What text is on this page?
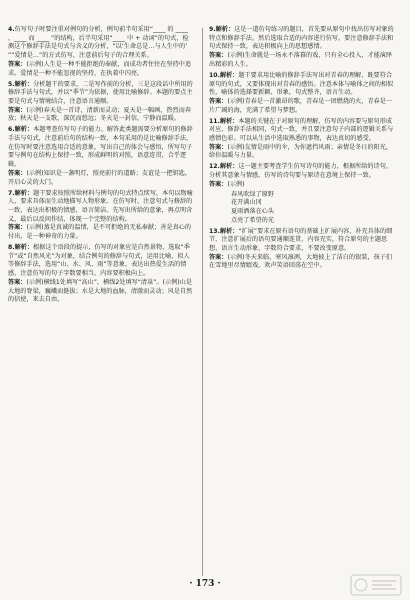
4.仿写句子时要注重对例句的分析，例句前半句采用“____ 的 ____ ，____ 而 ____ ”的结构，后半句采用“____ 中 + 动词”的句式，检测这个修辞手法是句式与含义的分析，“以‘生命总是…与人生中的’ ”“爱情是…”的方式仿写，注意前后句子的合理关系。
答案：(示例)人生是一种不能拒绝的奉献，而成功者往往在坚持中追求。爱情是一种不能忽视的坚持，在执着中闪亮。
5.解析：分析题干的要求，二是写作前的分析，三是这段话中所用的修辞手法与句式，并以“季节”为依据，使用比喻修辞。本题的要点主要是句式与情境结合，注意语言通顺。
答案：(示例)春天是一首诗，清新而灵动；夏天是一幅画，热烈而奔放；秋天是一支歌，深沉而悠远；冬天是一封信，宁静而温暖。
6.解析：本题考查仿写句子的能力。解答此类题需要分析原句的修辞手法与句式，注意前后句的结构一致，本句采用的是比喻修辞手法，在仿写时要注意选用合适的意象，写出自己的体会与感悟，所写句子要与例句在结构上保持一致，形成鲜明的对照，语意连贯，合乎逻辑。
答案：(示例)知识是一盏明灯，照亮前行的道路；友谊是一把钥匙，开启心灵的大门。
7.解析：题干要求按照所给材料与例句的句式特点续写，本句以物喻人，要求具体而生动地描写人物形象。在仿写时，注意句式与修辞的一致，表达出积极的情感，语言简洁。先写出所给的意象，再点明含义，最后以反问作结，体现一个完整的结构。
答案：(示例)蒸是真诚的温情，是不可拒绝的无私奉献；善是真心的付出，是一种神奇的力量。
8.解析：根据这个语段的提示，仿写的对象应是自然景物，选取“季节”或“自然风光”为对象，结合例句的修辞与句式，运用比喻、拟人等修辞手法，选用“山、水、风、雨”等意象，表达出热爱生活的情感，注意仿写的句子字数要相当，内容要积极向上。
答案：(示例)横线1处填写“高山”，横线2处填写“清泉”。(示例)山是大地的脊梁，巍峨而挺拔；水是大地的血脉，清澈而灵动；风是自然的信使，来去自由。
9.解析：这是一道仿句练习的题目，首先要从原句中找出仿写对象的特点和修辞手法，然后选取合适的内容进行仿写。要注意修辞手法和句式保持一致，表达积极向上的思想感情。
答案：(示例)生命就是一场永不落幕的戏，只有全心投入，才能演绎出精彩的人生。
10.解析：题干要求用比喻的修辞手法写出对青春的理解，既要符合原句的句式，又要体现出对青春的感悟。注意本体与喻体之间的相似性，喻体的选择要新颖、形象，句式整齐，语言生动。
答案：(示例)青春是一首激昂的歌，青春是一团燃烧的火，青春是一片广阔的海，充满了希望与梦想。
11.解析：本题的关键在于对原句的理解，仿写的内容要与原句形成对应，修辞手法相同，句式一致，并且要注意句子内部的逻辑关系与感情色彩。可以从生活中选取熟悉的事物，表达真切的感受。
答案：(示例)友情是雨中的伞，为你遮挡风雨；亲情是冬日的阳光，给你温暖与力量。
12.解析：这一题主要考查学生仿写诗句的能力，根据所给的诗句，分析其意象与情感，仿写的诗句要与原诗在意境上保持一致。
答案：(示例)
春风吹绿了原野
花开满山冈
夏雨洒落在心头
点亮了希望的光
13.解析：“扩展”要求在原有语句的基础上扩展内容，补充具体的细节，注意扩展后的语句要通顺连贯，内容充实，符合原句的主题思想，语言生动形象，字数符合要求，不要改变原意。
答案：(示例)冬天来临，寒风凛冽，大地披上了洁白的银装，孩子们在雪地里尽情嬉戏，欢声笑语回荡在空中。
· 173 ·
